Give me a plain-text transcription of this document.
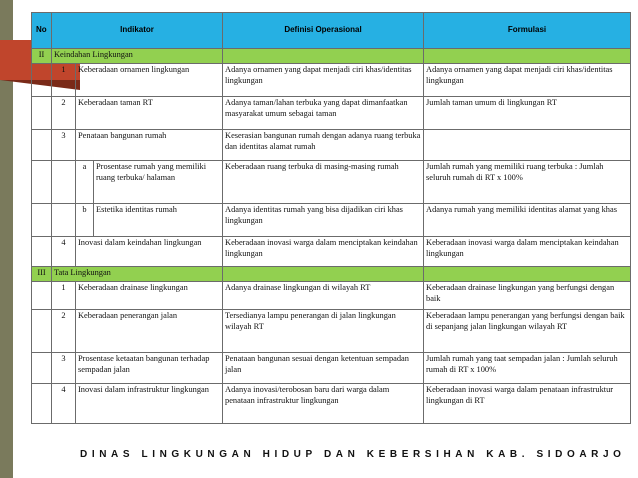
No	Indikator			Definisi Operasional	Formulasi
II	Keindahan Lingkungan				
	1	Keberadaan ornamen lingkungan		Adanya ornamen yang dapat menjadi ciri khas/identitas lingkungan	Adanya ornamen yang dapat menjadi ciri khas/identitas lingkungan
	2	Keberadaan taman RT		Adanya taman/lahan terbuka yang dapat dimanfaatkan masyarakat umum sebagai taman	Jumlah taman umum di lingkungan RT
	3	Penataan bangunan rumah		Keserasian bangunan rumah dengan adanya ruang terbuka dan identitas alamat rumah	
		a	Prosentase rumah yang memiliki ruang terbuka/ halaman	Keberadaan ruang terbuka di masing-masing rumah	Jumlah rumah yang memiliki ruang terbuka : Jumlah seluruh rumah di RT x 100%
		b	Estetika identitas rumah	Adanya identitas rumah yang bisa dijadikan ciri khas lingkungan	Adanya rumah yang memiliki identitas alamat yang khas
	4	Inovasi dalam keindahan lingkungan		Keberadaan inovasi warga dalam menciptakan keindahan lingkungan	Keberadaan inovasi warga dalam menciptakan keindahan lingkungan
III	Tata Lingkungan				
	1	Keberadaan drainase lingkungan		Adanya drainase lingkungan di wilayah RT	Keberadaan drainase lingkungan yang berfungsi dengan baik
	2	Keberadaan penerangan jalan		Tersedianya lampu penerangan di jalan lingkungan wilayah RT	Keberadaan lampu penerangan yang berfungsi dengan baik di sepanjang jalan lingkungan wilayah RT
	3	Prosentase ketaatan bangunan terhadap sempadan jalan		Penataan bangunan sesuai dengan ketentuan sempadan jalan	Jumlah rumah yang taat sempadan jalan : Jumlah seluruh rumah di RT x 100%
	4	Inovasi dalam infrastruktur lingkungan		Adanya inovasi/terobosan baru dari warga dalam penataan infrastruktur lingkungan	Keberadaan inovasi warga dalam penataan infrastruktur lingkungan di RT
DINAS LINGKUNGAN HIDUP DAN KEBERSIHAN KAB. SIDOARJO
